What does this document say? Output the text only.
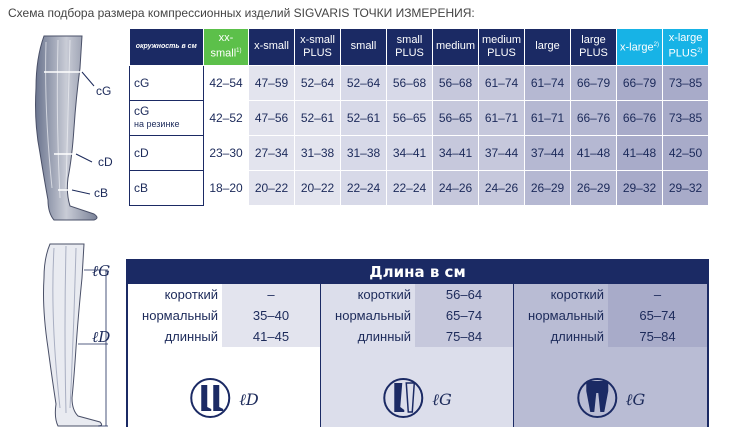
Схема подбора размера компрессионных изделий SIGVARIS ТОЧКИ ИЗМЕРЕНИЯ:
cG
cD
cB
окружность в см	xx-small$^{1)}$	x-small	x-small PLUS	small	small PLUS	medium	medium PLUS	large	large PLUS	x-large$^{2)}$	x-large PLUS$^{2)}$
cG	42–54	47–59	52–64	52–64	56–68	56–68	61–74	61–74	66–79	66–79	73–85
cG
на резинке	42–52	47–56	52–61	52–61	56–65	56–65	61–71	61–71	66–76	66–76	73–85
cD	23–30	27–34	31–38	31–38	34–41	34–41	37–44	37–44	41–48	41–48	42–50
cB	18–20	20–22	20–22	22–24	22–24	24–26	24–26	26–29	26–29	29–32	29–32
ℓG
ℓD
Длина в см
короткий	–
нормальный	35–40
длинный	41–45
ℓD
короткий	56–64
нормальный	65–74
длинный	75–84
ℓG
короткий	–
нормальный	65–74
длинный	75–84
ℓG
